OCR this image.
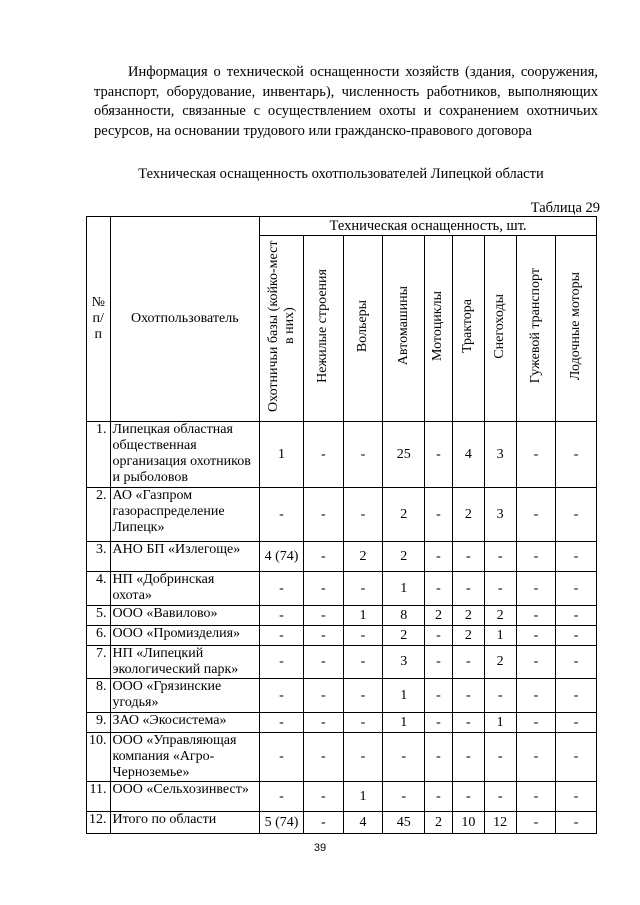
Информация о технической оснащенности хозяйств (здания, сооружения, транспорт, оборудование, инвентарь), численность работников, выполняющих обязанности, связанные с осуществлением охоты и сохранением охотничьих ресурсов, на основании трудового или гражданско-правового договора

Техническая оснащенность охотпользователей Липецкой области
Таблица 29
№ п/п	Охотпользователь	Техническая оснащенность, шт.								
		Охотничьи базы (койко-мест в них)	Нежилые строения	Вольеры	Автомашины	Мотоциклы	Трактора	Снегоходы	Гужевой транспорт	Лодочные моторы
1.	Липецкая областная общественная организация охотников и рыболовов	1	-	-	25	-	4	3	-	-
2.	АО «Газпром газораспределение Липецк»	-	-	-	2	-	2	3	-	-
3.	АНО БП «Излегоще»	4 (74)	-	2	2	-	-	-	-	-
4.	НП «Добринская охота»	-	-	-	1	-	-	-	-	-
5.	ООО «Вавилово»	-	-	1	8	2	2	2	-	-
6.	ООО «Промизделия»	-	-	-	2	-	2	1	-	-
7.	НП «Липецкий экологический парк»	-	-	-	3	-	-	2	-	-
8.	ООО «Грязинские угодья»	-	-	-	1	-	-	-	-	-
9.	ЗАО «Экосистема»	-	-	-	1	-	-	1	-	-
10.	ООО «Управляющая компания «Агро-Черноземье»	-	-	-	-	-	-	-	-	-
11.	ООО «Сельхозинвест»	-	-	1	-	-	-	-	-	-
12.	Итого по области	5 (74)	-	4	45	2	10	12	-	-
39
